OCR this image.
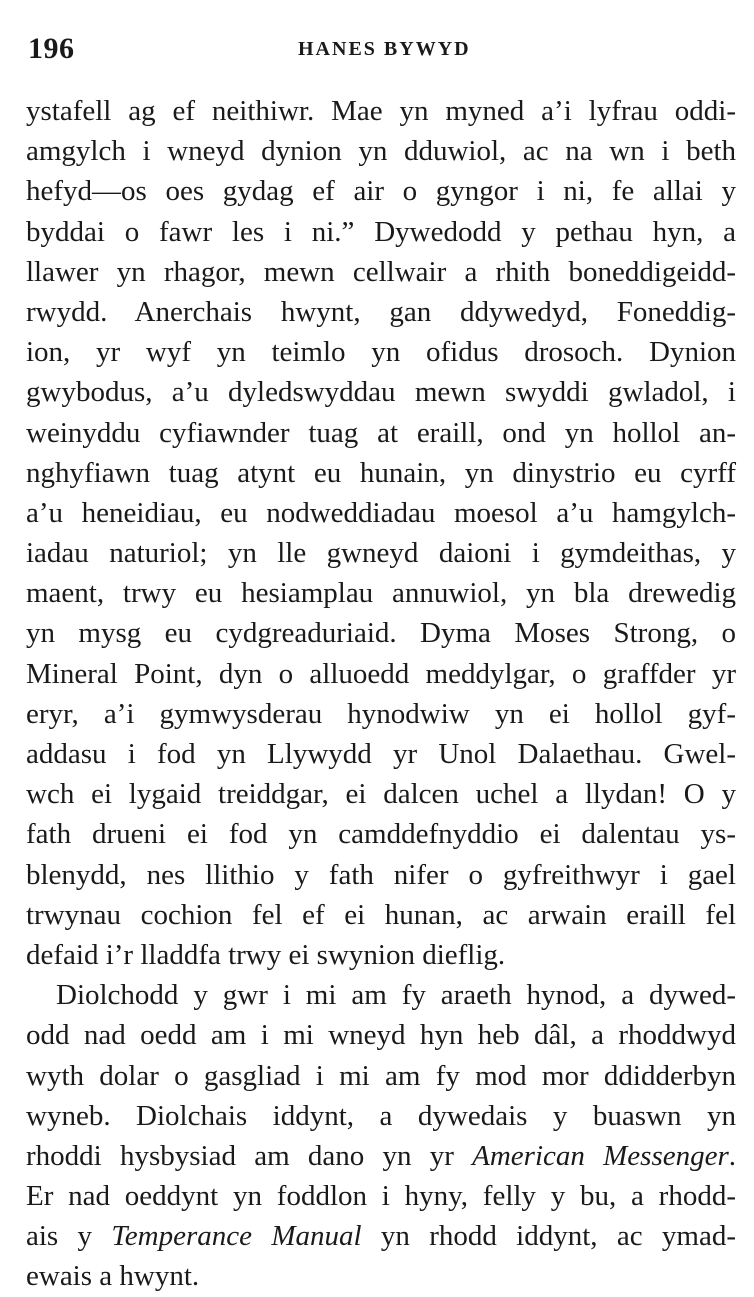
196	HANES BYWYD
ystafell ag ef neithiwr. Mae yn myned a’i lyfrau oddi-
amgylch i wneyd dynion yn dduwiol, ac na wn i beth
hefyd—os oes gydag ef air o gyngor i ni, fe allai y
byddai o fawr les i ni.” Dywedodd y pethau hyn, a
llawer yn rhagor, mewn cellwair a rhith boneddigeidd-
rwydd. Anerchais hwynt, gan ddywedyd, Foneddig-
ion, yr wyf yn teimlo yn ofidus drosoch. Dynion
gwybodus, a’u dyledswyddau mewn swyddi gwladol, i
weinyddu cyfiawnder tuag at eraill, ond yn hollol an-
nghyfiawn tuag atynt eu hunain, yn dinystrio eu cyrff
a’u heneidiau, eu nodweddiadau moesol a’u hamgylch-
iadau naturiol; yn lle gwneyd daioni i gymdeithas, y
maent, trwy eu hesiamplau annuwiol, yn bla drewedig
yn mysg eu cydgreaduriaid. Dyma Moses Strong, o
Mineral Point, dyn o alluoedd meddylgar, o graffder yr
eryr, a’i gymwysderau hynodwiw yn ei hollol gyf-
addasu i fod yn Llywydd yr Unol Dalaethau. Gwel-
wch ei lygaid treiddgar, ei dalcen uchel a llydan! O y
fath drueni ei fod yn camddefnyddio ei dalentau ys-
blenydd, nes llithio y fath nifer o gyfreithwyr i gael
trwynau cochion fel ef ei hunan, ac arwain eraill fel
defaid i’r lladdfa trwy ei swynion dieflig.
Diolchodd y gwr i mi am fy araeth hynod, a dywed-
odd nad oedd am i mi wneyd hyn heb dâl, a rhoddwyd
wyth dolar o gasgliad i mi am fy mod mor ddidderbyn
wyneb. Diolchais iddynt, a dywedais y buaswn yn
rhoddi hysbysiad am dano yn yr American Messenger.
Er nad oeddynt yn foddlon i hyny, felly y bu, a rhodd-
ais y Temperance Manual yn rhodd iddynt, ac ymad-
ewais a hwynt.
